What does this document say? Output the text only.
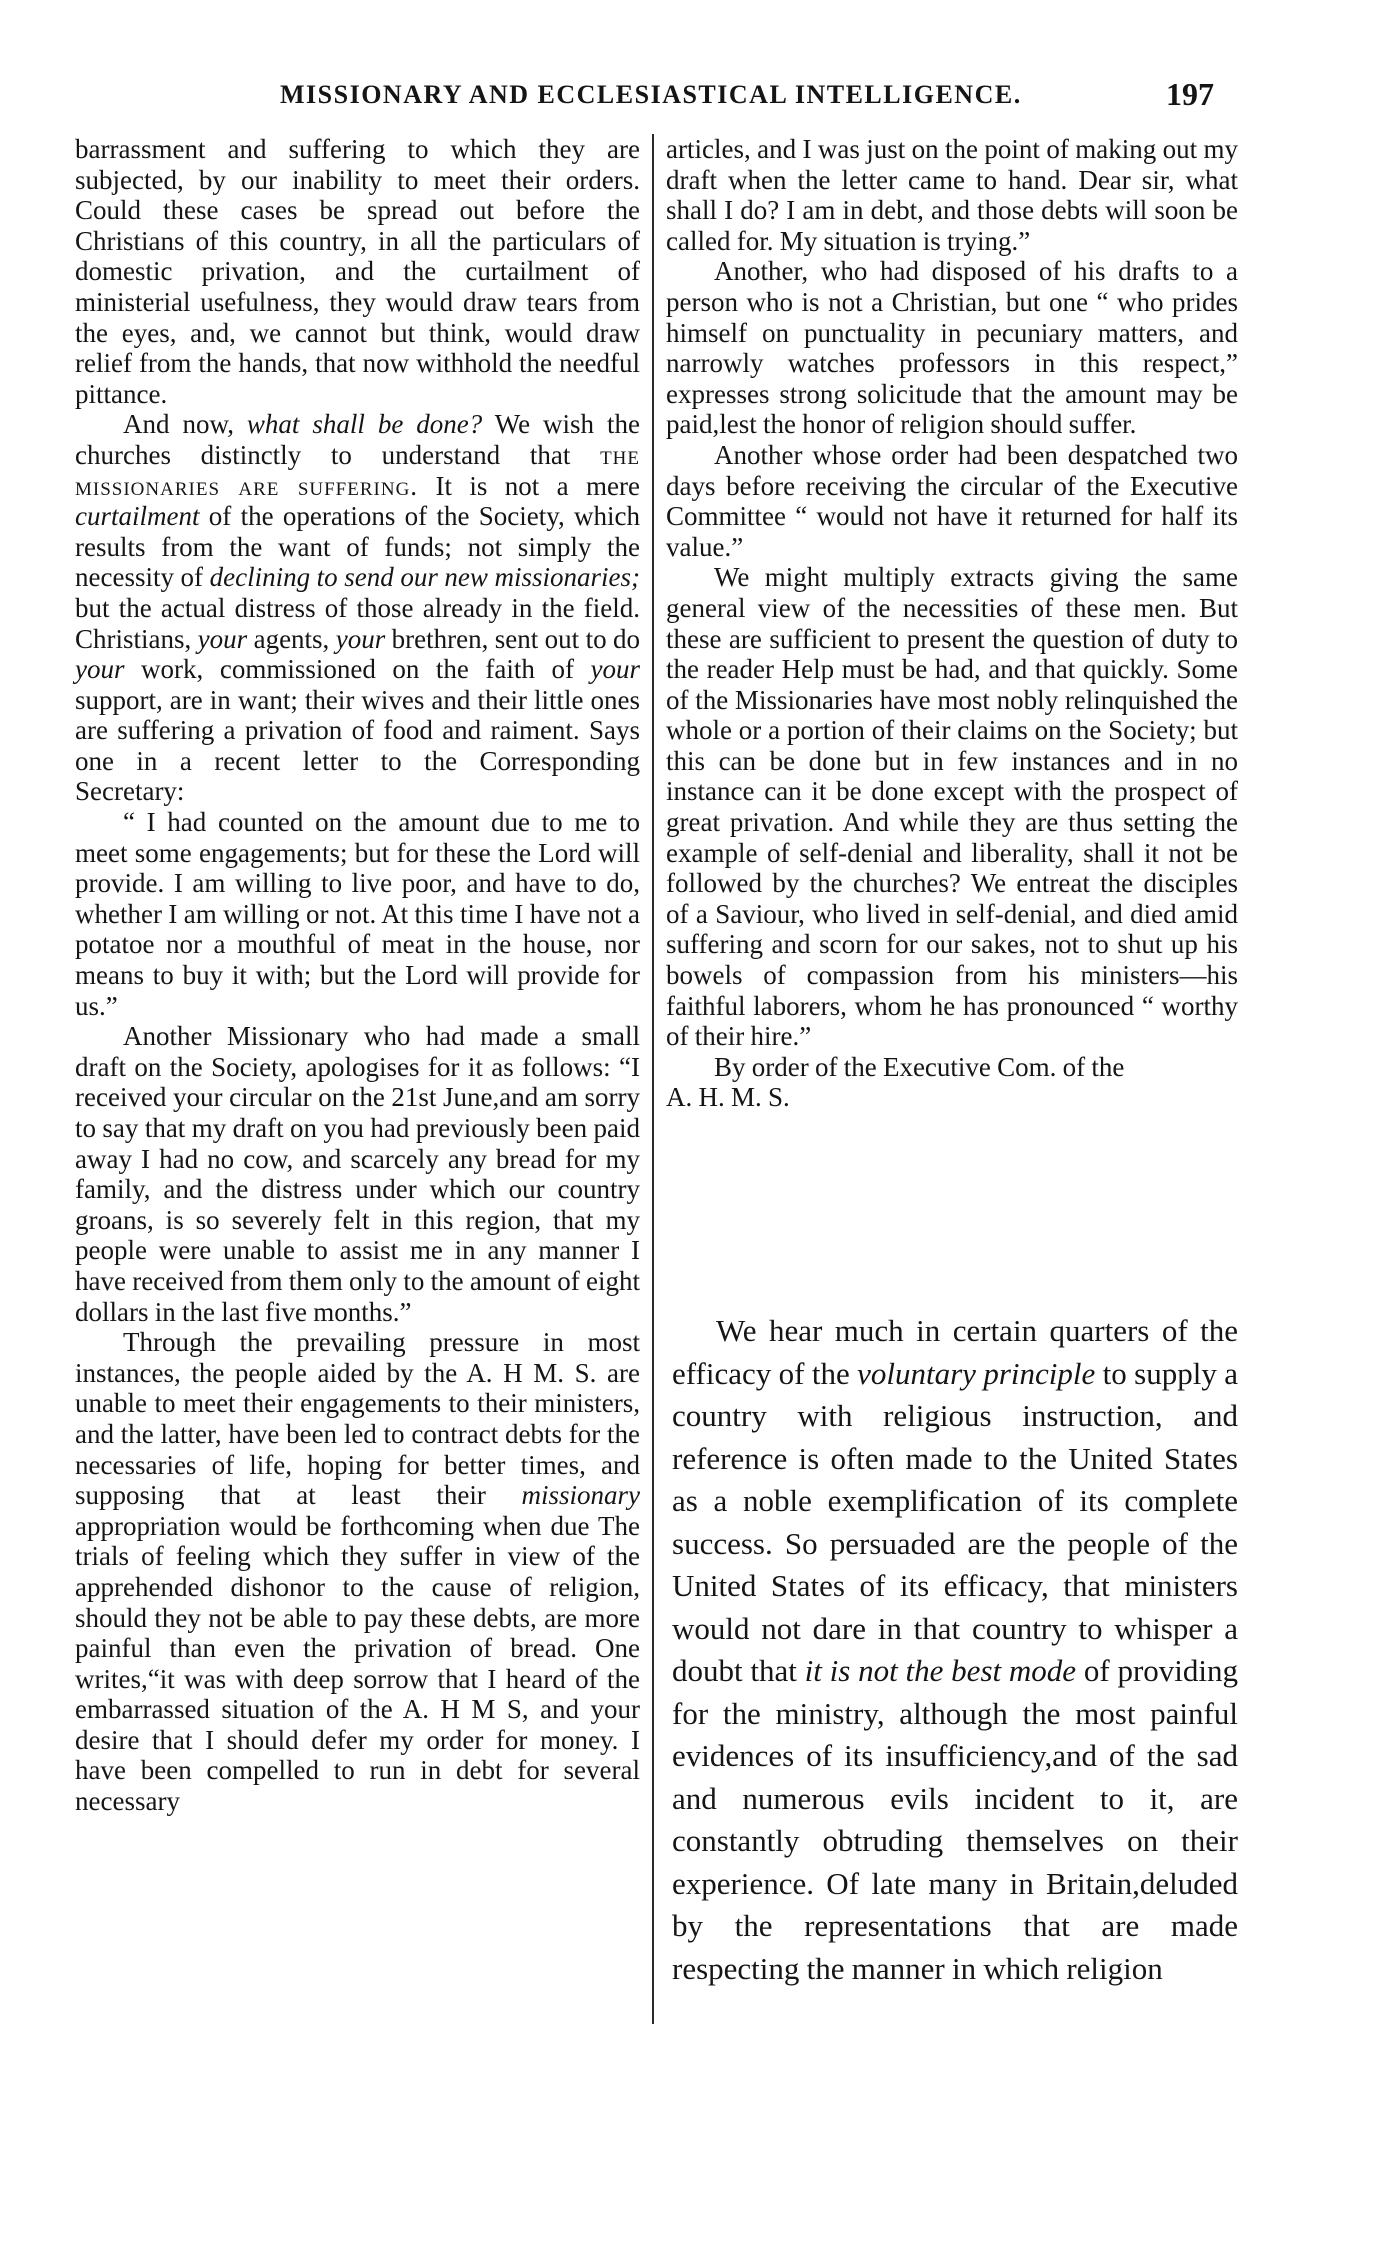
MISSIONARY AND ECCLESIASTICAL INTELLIGENCE.	197

barrassment and suffering to which they are subjected, by our inability to meet their orders. Could these cases be spread out before the Christians of this country, in all the particulars of domestic privation, and the curtailment of ministerial usefulness, they would draw tears from the eyes, and, we cannot but think, would draw relief from the hands, that now withhold the needful pittance.

And now, what shall be done? We wish the churches distinctly to understand that the missionaries are suffering. It is not a mere curtailment of the operations of the Society, which results from the want of funds; not simply the necessity of declining to send our new missionaries; but the actual distress of those already in the field. Christians, your agents, your brethren, sent out to do your work, commissioned on the faith of your support, are in want; their wives and their little ones are suffering a privation of food and raiment. Says one in a recent letter to the Corresponding Secretary:

“ I had counted on the amount due to me to meet some engagements; but for these the Lord will provide. I am willing to live poor, and have to do, whether I am willing or not. At this time I have not a potatoe nor a mouthful of meat in the house, nor means to buy it with; but the Lord will provide for us.”

Another Missionary who had made a small draft on the Society, apologises for it as follows: “I received your circular on the 21st June,and am sorry to say that my draft on you had previously been paid away I had no cow, and scarcely any bread for my family, and the distress under which our country groans, is so severely felt in this region, that my people were unable to assist me in any manner I have received from them only to the amount of eight dollars in the last five months.”

Through the prevailing pressure in most instances, the people aided by the A. H M. S. are unable to meet their engagements to their ministers, and the latter, have been led to contract debts for the necessaries of life, hoping for better times, and supposing that at least their missionary appropriation would be forthcoming when due The trials of feeling which they suffer in view of the apprehended dishonor to the cause of religion, should they not be able to pay these debts, are more painful than even the privation of bread. One writes,“it was with deep sorrow that I heard of the embarrassed situation of the A. H M S, and your desire that I should defer my order for money. I have been compelled to run in debt for several necessary

articles, and I was just on the point of making out my draft when the letter came to hand. Dear sir, what shall I do? I am in debt, and those debts will soon be called for. My situation is trying.”

Another, who had disposed of his drafts to a person who is not a Christian, but one “ who prides himself on punctuality in pecuniary matters, and narrowly watches professors in this respect,” expresses strong solicitude that the amount may be paid,lest the honor of religion should suffer.

Another whose order had been despatched two days before receiving the circular of the Executive Committee “ would not have it returned for half its value.”

We might multiply extracts giving the same general view of the necessities of these men. But these are sufficient to present the question of duty to the reader Help must be had, and that quickly. Some of the Missionaries have most nobly relinquished the whole or a portion of their claims on the Society; but this can be done but in few instances and in no instance can it be done except with the prospect of great privation. And while they are thus setting the example of self-denial and liberality, shall it not be followed by the churches? We entreat the disciples of a Saviour, who lived in self-denial, and died amid suffering and scorn for our sakes, not to shut up his bowels of compassion from his ministers—his faithful laborers, whom he has pronounced “ worthy of their hire.”

By order of the Executive Com. of the

A. H. M. S.

We hear much in certain quarters of the efficacy of the voluntary principle to supply a country with religious instruction, and reference is often made to the United States as a noble exemplification of its complete success. So persuaded are the people of the United States of its efficacy, that ministers would not dare in that country to whisper a doubt that it is not the best mode of providing for the ministry, although the most painful evidences of its insufficiency,and of the sad and numerous evils incident to it, are constantly obtruding themselves on their experience. Of late many in Britain,deluded by the representations that are made respecting the manner in which religion
